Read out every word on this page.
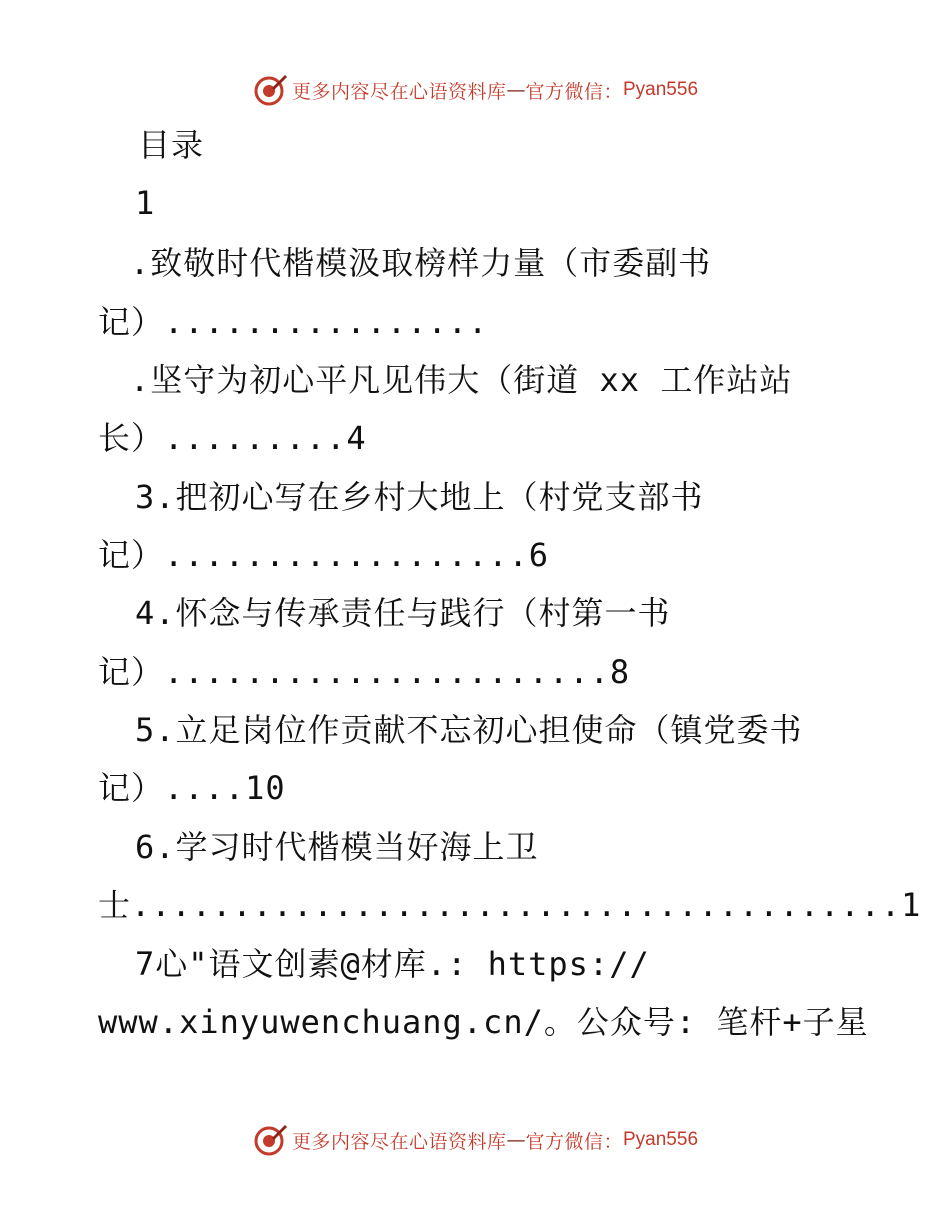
更多内容尽在心语资料库 — 官方微信： Pyan556
目录
1
.致敬时代楷模汲取榜样力量（市委副书
记）................
.坚守为初心平凡见伟大（街道 xx 工作站站
长）.........4
3.把初心写在乡村大地上（村党支部书
记）..................6
4.怀念与传承责任与践行（村第一书
记）......................8
5.立足岗位作贡献不忘初心担使命（镇党委书
记）....10
6.学习时代楷模当好海上卫
士......................................1
7心"语文创素@材库.: https://
www.xinyuwenchuang.cn/。公众号: 笔杆+子星
更多内容尽在心语资料库 — 官方微信： Pyan556
